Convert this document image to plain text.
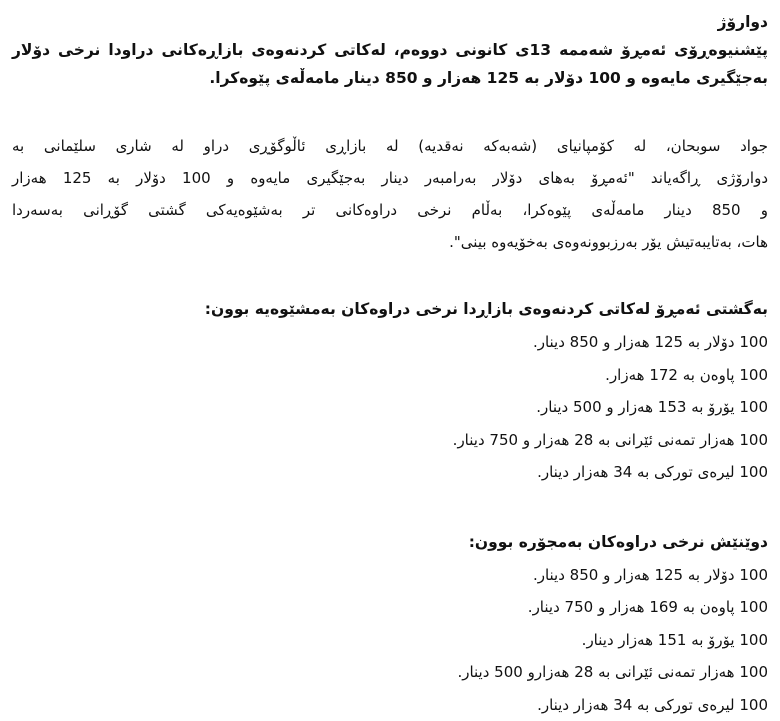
دوارۆژ
پێشنیوەڕۆی ئەمڕۆ شەممە 13ی کانونی دووەم، لەکاتی کردنەوەی بازاڕەکانی دراودا نرخی دۆلار
بەجێگیری مایەوە و 100 دۆلار بە 125 هەزار و 850 دینار مامەڵەی پێوەکرا.
جواد سوبحان، لە کۆمپانیای (شەبەکە نەقدیە) لە بازاڕی ئاڵوگۆڕی دراو لە شاری سلێمانی بە
دوارۆژی ڕاگەیاند "ئەمڕۆ بەهای دۆلار بەرامبەر دینار بەجێگیری مایەوە و 100 دۆلار بە 125 هەزار
و 850 دینار مامەڵەی پێوەکرا، بەڵام نرخی دراوەکانی تر بەشێوەیەکی گشتی گۆڕانی بەسەردا
هات، بەتایبەتیش یۆر بەرزبوونەوەی بەخۆیەوە بینی".
بەگشتی ئەمڕۆ لەکاتی کردنەوەی بازاڕدا نرخی دراوەکان بەمشێوەیە بوون:
100 دۆلار بە 125 هەزار و 850 دینار.
100 پاوەن بە 172 هەزار.
100 یۆرۆ بە 153 هەزار و 500 دینار.
100 هەزار تمەنی ئێرانی بە 28 هەزار و 750 دینار.
100 لیرەی تورکی بە 34 هەزار دینار.
دوێنێش نرخی دراوەکان بەمجۆرە بوون:
100 دۆلار بە 125 هەزار و 850 دینار.
100 پاوەن بە 169 هەزار و 750 دینار.
100 یۆرۆ بە 151 هەزار دینار.
100 هەزار تمەنی ئێرانی بە 28 هەزارو 500 دینار.
100 لیرەی تورکی بە 34 هەزار دینار.
